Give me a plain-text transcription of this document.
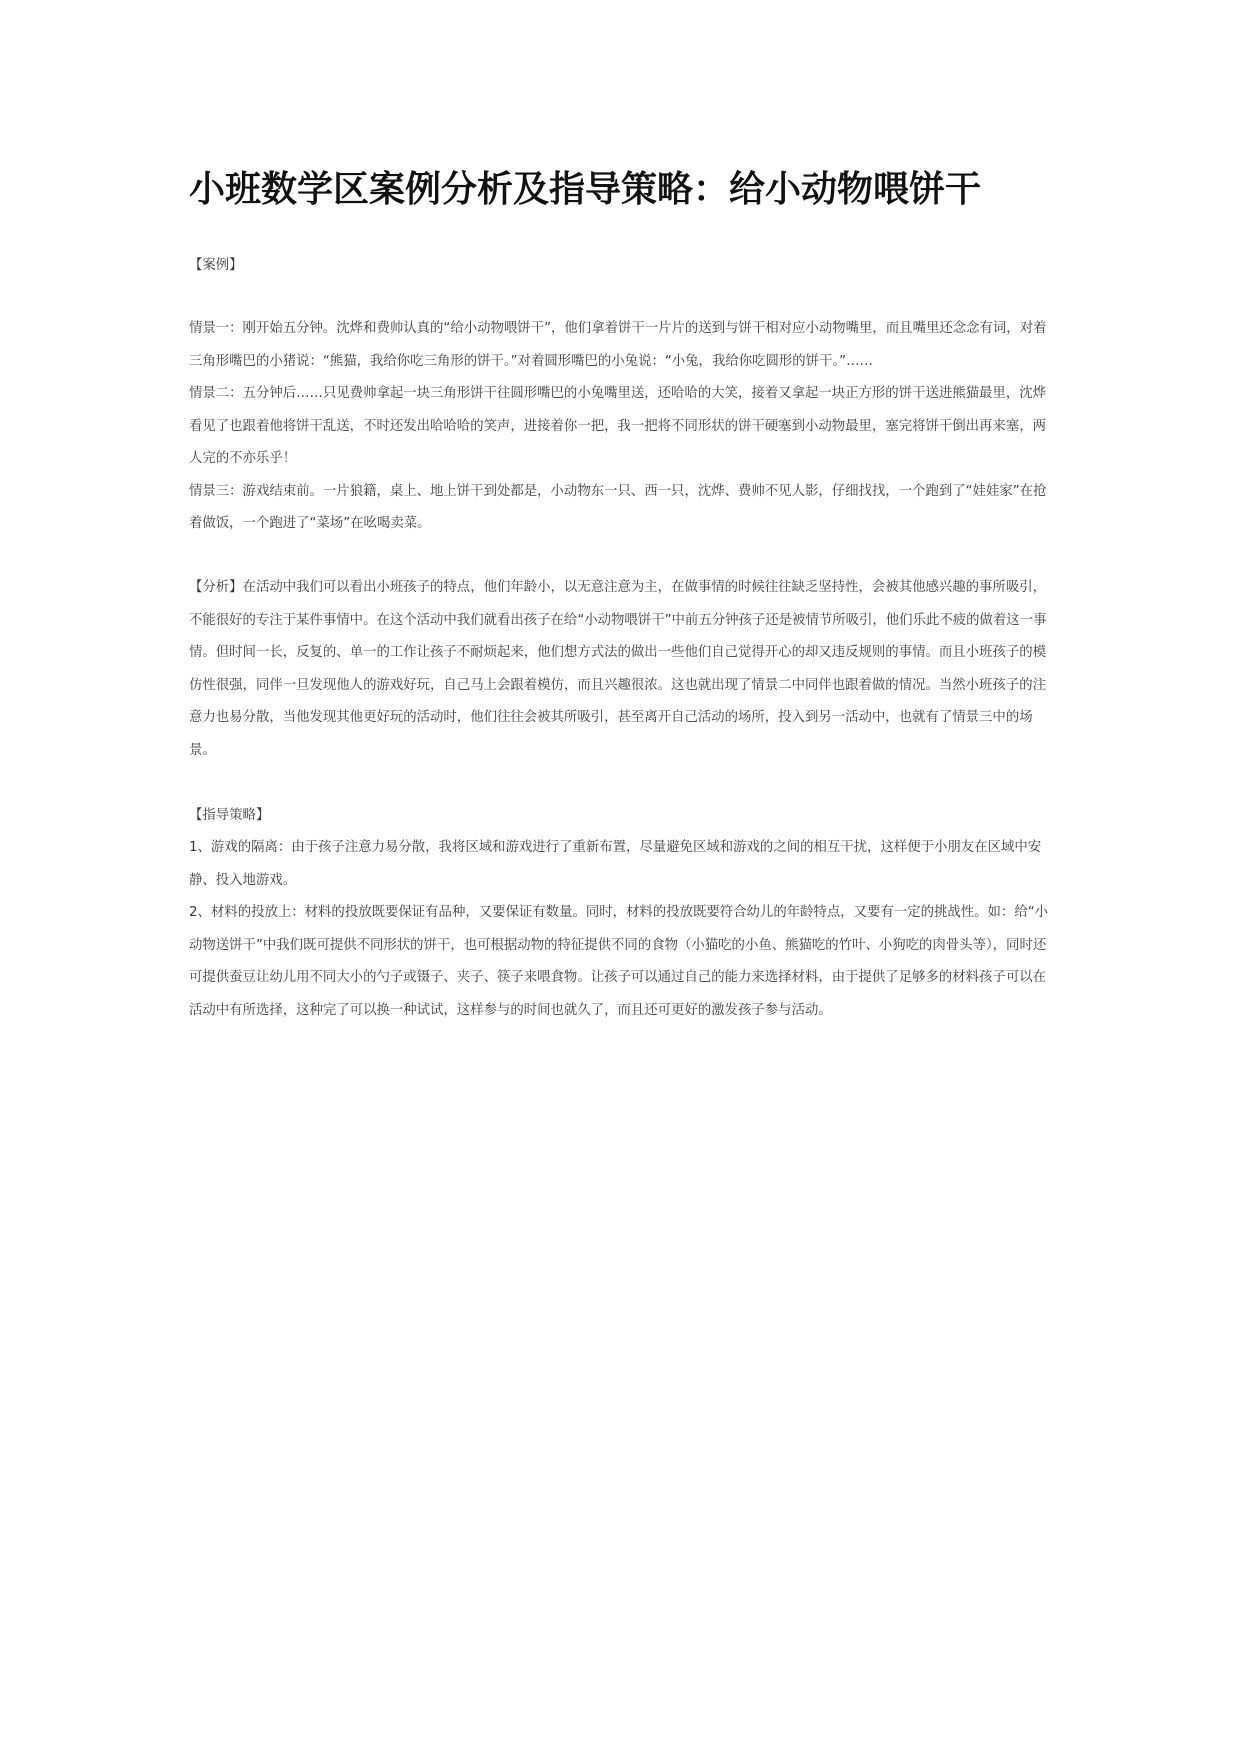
小班数学区案例分析及指导策略：给小动物喂饼干
【案例】

情景一：刚开始五分钟。沈烨和费帅认真的“给小动物喂饼干”，他们拿着饼干一片片的送到与饼干相对应小动物嘴里，而且嘴里还念念有词，对着三角形嘴巴的小猪说：“熊猫，我给你吃三角形的饼干。”对着圆形嘴巴的小兔说：“小兔，我给你吃圆形的饼干。”……

情景二：五分钟后……只见费帅拿起一块三角形饼干往圆形嘴巴的小兔嘴里送，还哈哈的大笑，接着又拿起一块正方形的饼干送进熊猫最里，沈烨看见了也跟着他将饼干乱送，不时还发出哈哈哈的笑声，进接着你一把，我一把将不同形状的饼干硬塞到小动物最里，塞完将饼干倒出再来塞，两人完的不亦乐乎！

情景三：游戏结束前。一片狼籍，桌上、地上饼干到处都是，小动物东一只、西一只，沈烨、费帅不见人影，仔细找找，一个跑到了“娃娃家”在抢着做饭，一个跑进了“菜场”在吆喝卖菜。

【分析】在活动中我们可以看出小班孩子的特点，他们年龄小，以无意注意为主，在做事情的时候往往缺乏坚持性，会被其他感兴趣的事所吸引，不能很好的专注于某件事情中。在这个活动中我们就看出孩子在给“小动物喂饼干”中前五分钟孩子还是被情节所吸引，他们乐此不疲的做着这一事情。但时间一长，反复的、单一的工作让孩子不耐烦起来，他们想方式法的做出一些他们自己觉得开心的却又违反规则的事情。而且小班孩子的模仿性很强，同伴一旦发现他人的游戏好玩，自己马上会跟着模仿，而且兴趣很浓。这也就出现了情景二中同伴也跟着做的情况。当然小班孩子的注意力也易分散，当他发现其他更好玩的活动时，他们往往会被其所吸引，甚至离开自己活动的场所，投入到另一活动中，也就有了情景三中的场景。

【指导策略】

1、游戏的隔离：由于孩子注意力易分散，我将区域和游戏进行了重新布置，尽量避免区域和游戏的之间的相互干扰，这样便于小朋友在区域中安静、投入地游戏。

2、材料的投放上：材料的投放既要保证有品种，又要保证有数量。同时，材料的投放既要符合幼儿的年龄特点，又要有一定的挑战性。如：给“小动物送饼干”中我们既可提供不同形状的饼干，也可根据动物的特征提供不同的食物（小猫吃的小鱼、熊猫吃的竹叶、小狗吃的肉骨头等），同时还可提供蚕豆让幼儿用不同大小的勺子或镊子、夹子、筷子来喂食物。让孩子可以通过自己的能力来选择材料，由于提供了足够多的材料孩子可以在活动中有所选择，这种完了可以换一种试试，这样参与的时间也就久了，而且还可更好的激发孩子参与活动。
